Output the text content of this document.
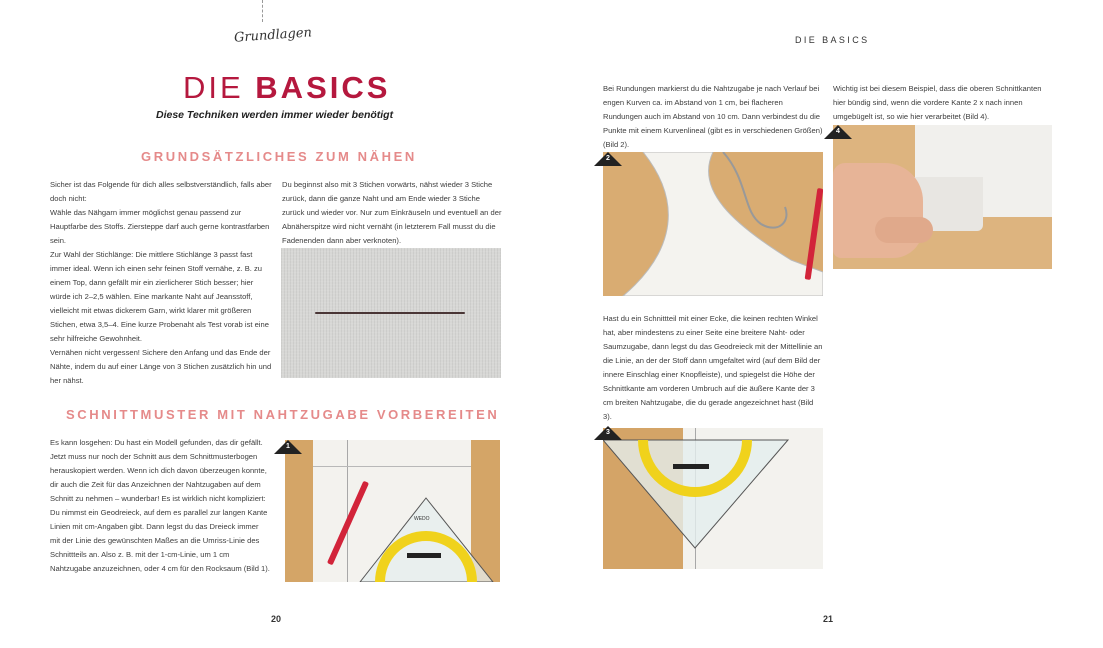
Grundlagen	DIE BASICS
DIE BASICS
Diese Techniken werden immer wieder benötigt
GRUNDSÄTZLICHES ZUM NÄHEN
Sicher ist das Folgende für dich alles selbstverständlich, falls aber doch nicht:
Wähle das Nähgarn immer möglichst genau passend zur Hauptfarbe des Stoffs. Ziersteppe darf auch gerne kontrastfarben sein.
Zur Wahl der Stichlänge: Die mittlere Stichlänge 3 passt fast immer ideal. Wenn ich einen sehr feinen Stoff vernähe, z. B. zu einem Top, dann gefällt mir ein zierlicherer Stich besser; hier würde ich 2–2,5 wählen. Eine markante Naht auf Jeansstoff, vielleicht mit etwas dickerem Garn, wirkt klarer mit größeren Stichen, etwa 3,5–4. Eine kurze Probenaht als Test vorab ist eine sehr hilfreiche Gewohnheit.
Vernähen nicht vergessen! Sichere den Anfang und das Ende der Nähte, indem du auf einer Länge von 3 Stichen zusätzlich hin und her nähst.
Du beginnst also mit 3 Stichen vorwärts, nähst wieder 3 Stiche zurück, dann die ganze Naht und am Ende wieder 3 Stiche zurück und wieder vor. Nur zum Einkräuseln und eventuell an der Abnäherspitze wird nicht vernäht (in letzterem Fall musst du die Fadenenden dann aber verknoten).
SCHNITTMUSTER MIT NAHTZUGABE VORBEREITEN
Es kann losgehen: Du hast ein Modell gefunden, das dir gefällt. Jetzt muss nur noch der Schnitt aus dem Schnittmusterbogen herauskopiert werden. Wenn ich dich davon überzeugen konnte, dir auch die Zeit für das Anzeichnen der Nahtzugaben auf dem Schnitt zu nehmen – wunderbar! Es ist wirklich nicht kompliziert: Du nimmst ein Geodreieck, auf dem es parallel zur langen Kante Linien mit cm-Angaben gibt. Dann legst du das Dreieck immer mit der Linie des gewünschten Maßes an die Umriss-Linie des Schnittteils an. Also z. B. mit der 1-cm-Linie, um 1 cm Nahtzugabe anzuzeichnen, oder 4 cm für den Rocksaum (Bild 1).
WEDO
1
20
Bei Rundungen markierst du die Nahtzugabe je nach Verlauf bei engen Kurven ca. im Abstand von 1 cm, bei flacheren Rundungen auch im Abstand von 10 cm. Dann verbindest du die Punkte mit einem Kurvenlineal (gibt es in verschiedenen Größen) (Bild 2).
2
Wichtig ist bei diesem Beispiel, dass die oberen Schnittkanten hier bündig sind, wenn die vordere Kante 2 x nach innen umgebügelt ist, so wie hier verarbeitet (Bild 4).
4
Hast du ein Schnittteil mit einer Ecke, die keinen rechten Winkel hat, aber mindestens zu einer Seite eine breitere Naht- oder Saumzugabe, dann legst du das Geodreieck mit der Mittellinie an die Linie, an der der Stoff dann umgefaltet wird (auf dem Bild der innere Einschlag einer Knopfleiste), und spiegelst die Höhe der Schnittkante am vorderen Umbruch auf die äußere Kante der 3 cm breiten Nahtzugabe, die du gerade angezeichnet hast (Bild 3).
3
21
